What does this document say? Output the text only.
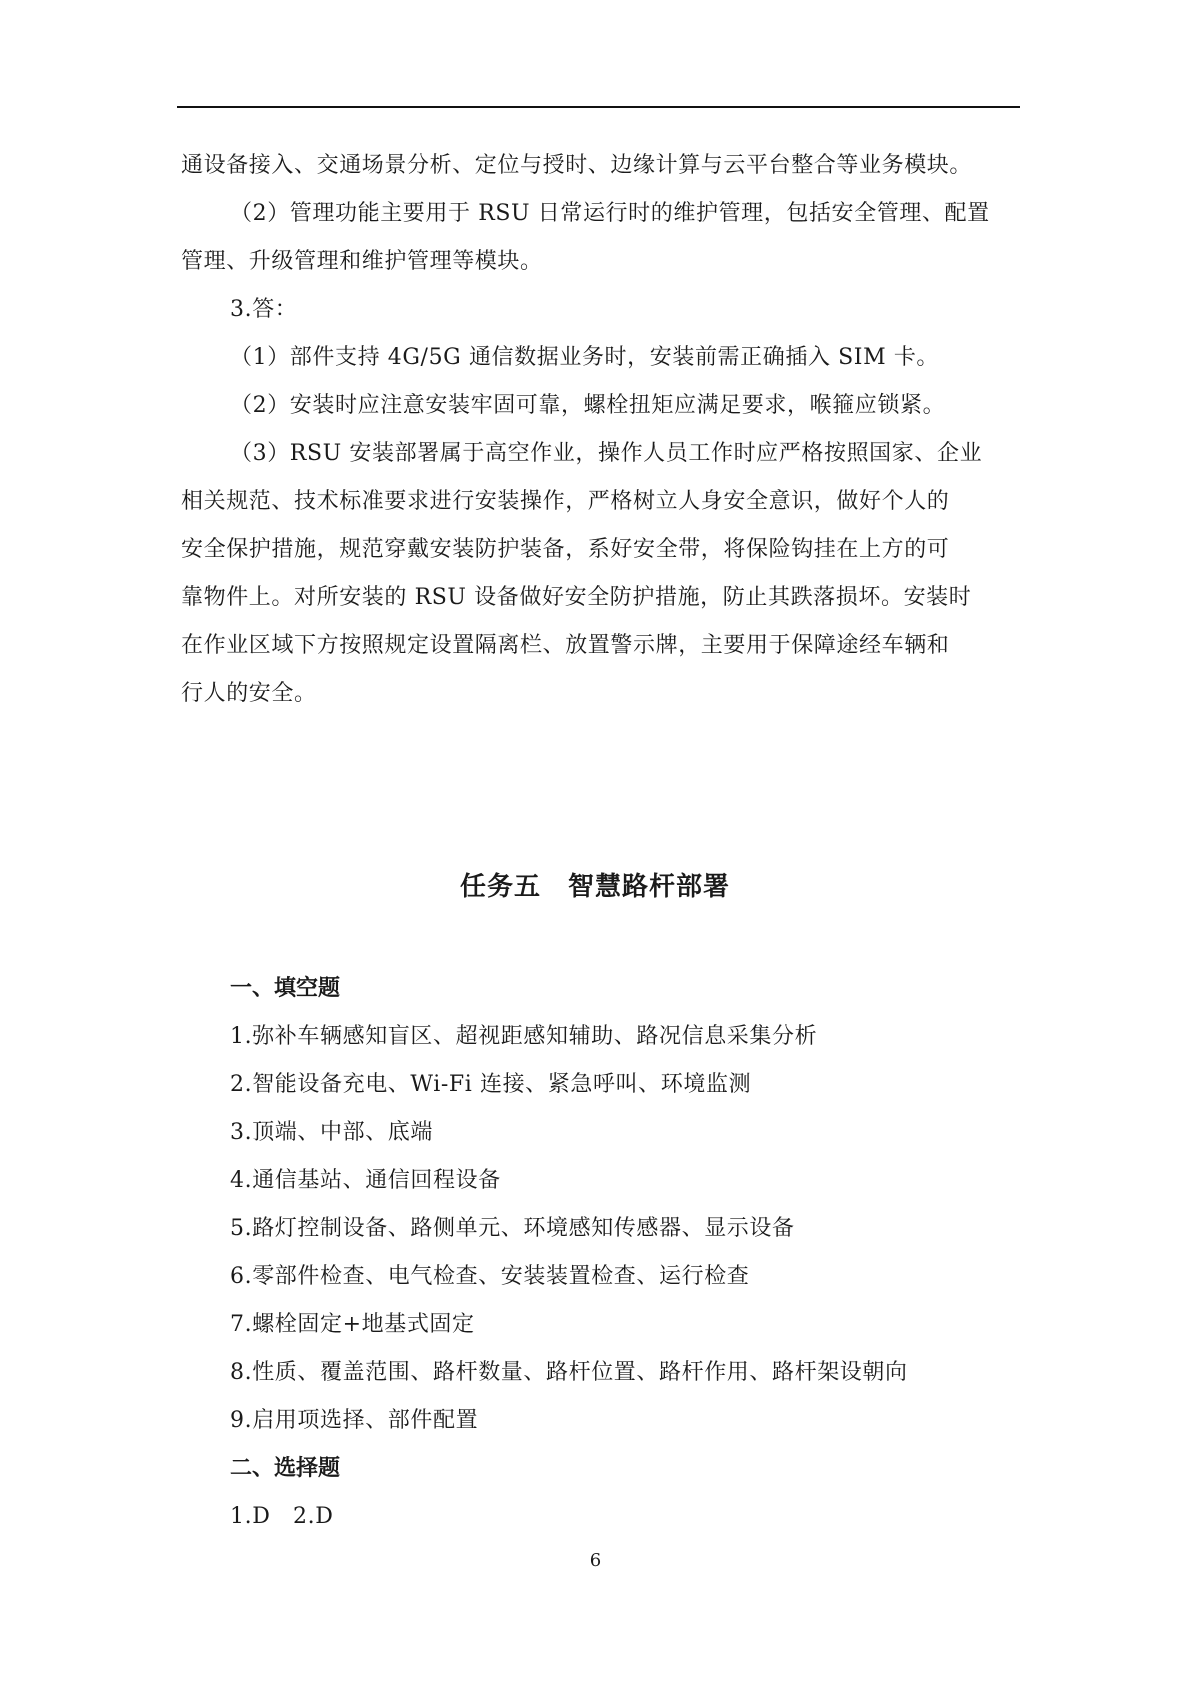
通设备接入、交通场景分析、定位与授时、边缘计算与云平台整合等业务模块。
（2）管理功能主要用于 RSU 日常运行时的维护管理，包括安全管理、配置
管理、升级管理和维护管理等模块。
3.答：
（1）部件支持 4G/5G 通信数据业务时，安装前需正确插入 SIM 卡。
（2）安装时应注意安装牢固可靠，螺栓扭矩应满足要求，喉箍应锁紧。
（3）RSU 安装部署属于高空作业，操作人员工作时应严格按照国家、企业
相关规范、技术标准要求进行安装操作，严格树立人身安全意识，做好个人的
安全保护措施，规范穿戴安装防护装备，系好安全带，将保险钩挂在上方的可
靠物件上。对所安装的 RSU 设备做好安全防护措施，防止其跌落损坏。安装时
在作业区域下方按照规定设置隔离栏、放置警示牌，主要用于保障途经车辆和
行人的安全。
任务五　智慧路杆部署
一、填空题
1.弥补车辆感知盲区、超视距感知辅助、路况信息采集分析
2.智能设备充电、Wi-Fi 连接、紧急呼叫、环境监测
3.顶端、中部、底端
4.通信基站、通信回程设备
5.路灯控制设备、路侧单元、环境感知传感器、显示设备
6.零部件检查、电气检查、安装装置检查、运行检查
7.螺栓固定+地基式固定
8.性质、覆盖范围、路杆数量、路杆位置、路杆作用、路杆架设朝向
9.启用项选择、部件配置
二、选择题
1.D　2.D
6
